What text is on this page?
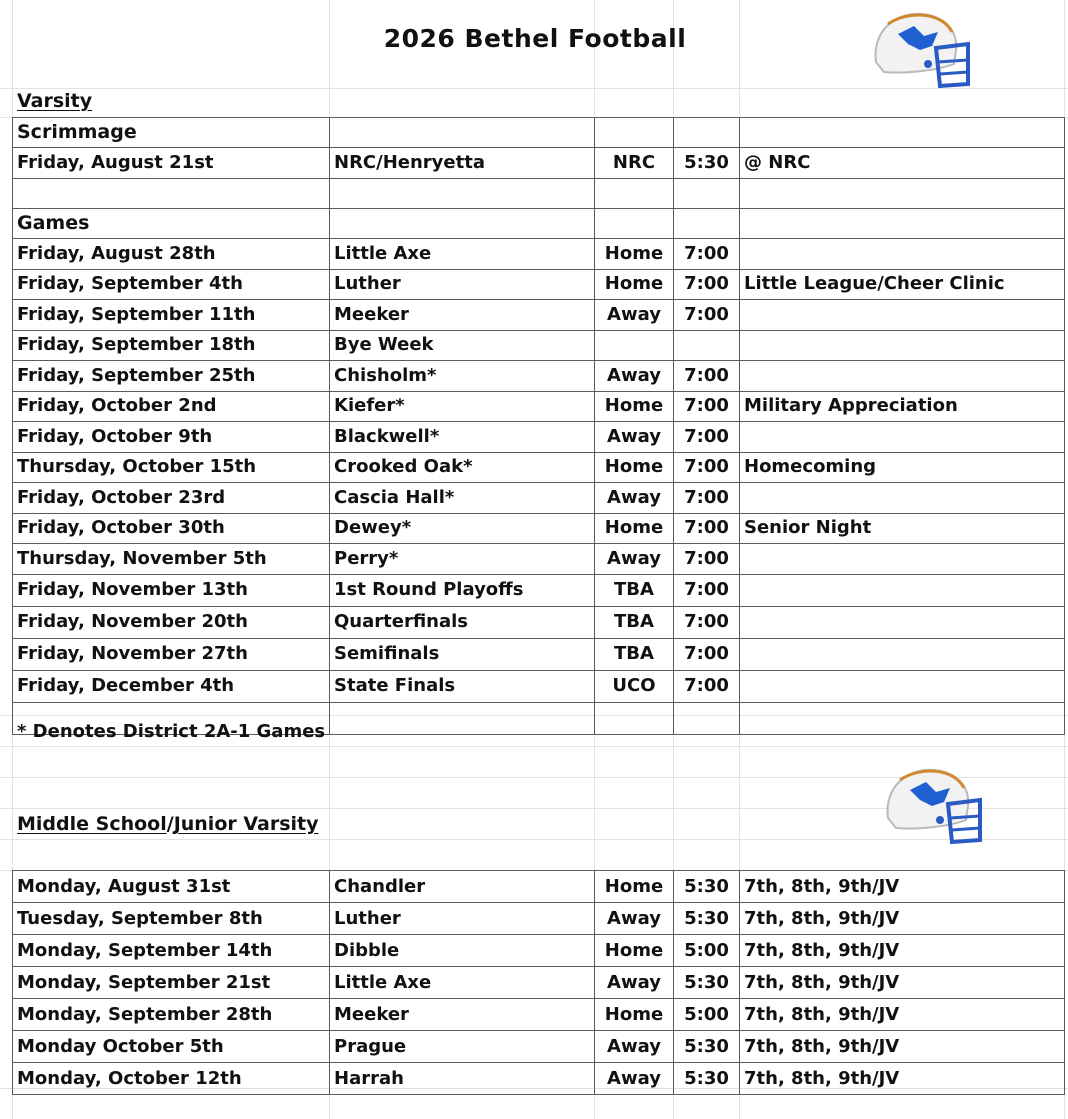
2026 Bethel Football
Varsity
Scrimmage				
Friday, August 21st	NRC/Henryetta	NRC	5:30	@ NRC

Games				
Friday, August 28th	Little Axe	Home	7:00	
Friday, September 4th	Luther	Home	7:00	Little League/Cheer Clinic
Friday, September 11th	Meeker	Away	7:00	
Friday, September 18th	Bye Week			
Friday, September 25th	Chisholm*	Away	7:00	
Friday, October 2nd	Kiefer*	Home	7:00	Military Appreciation
Friday, October 9th	Blackwell*	Away	7:00	
Thursday, October 15th	Crooked Oak*	Home	7:00	Homecoming
Friday, October 23rd	Cascia Hall*	Away	7:00	
Friday, October 30th	Dewey*	Home	7:00	Senior Night
Thursday, November 5th	Perry*	Away	7:00	
Friday, November 13th	1st Round Playoffs	TBA	7:00	
Friday, November 20th	Quarterfinals	TBA	7:00	
Friday, November 27th	Semifinals	TBA	7:00	
Friday, December 4th	State Finals	UCO	7:00	

* Denotes District 2A-1 Games
Middle School/Junior Varsity
Monday, August 31st	Chandler	Home	5:30	7th, 8th, 9th/JV
Tuesday, September 8th	Luther	Away	5:30	7th, 8th, 9th/JV
Monday, September 14th	Dibble	Home	5:00	7th, 8th, 9th/JV
Monday, September 21st	Little Axe	Away	5:30	7th, 8th, 9th/JV
Monday, September 28th	Meeker	Home	5:00	7th, 8th, 9th/JV
Monday October 5th	Prague	Away	5:30	7th, 8th, 9th/JV
Monday, October 12th	Harrah	Away	5:30	7th, 8th, 9th/JV
